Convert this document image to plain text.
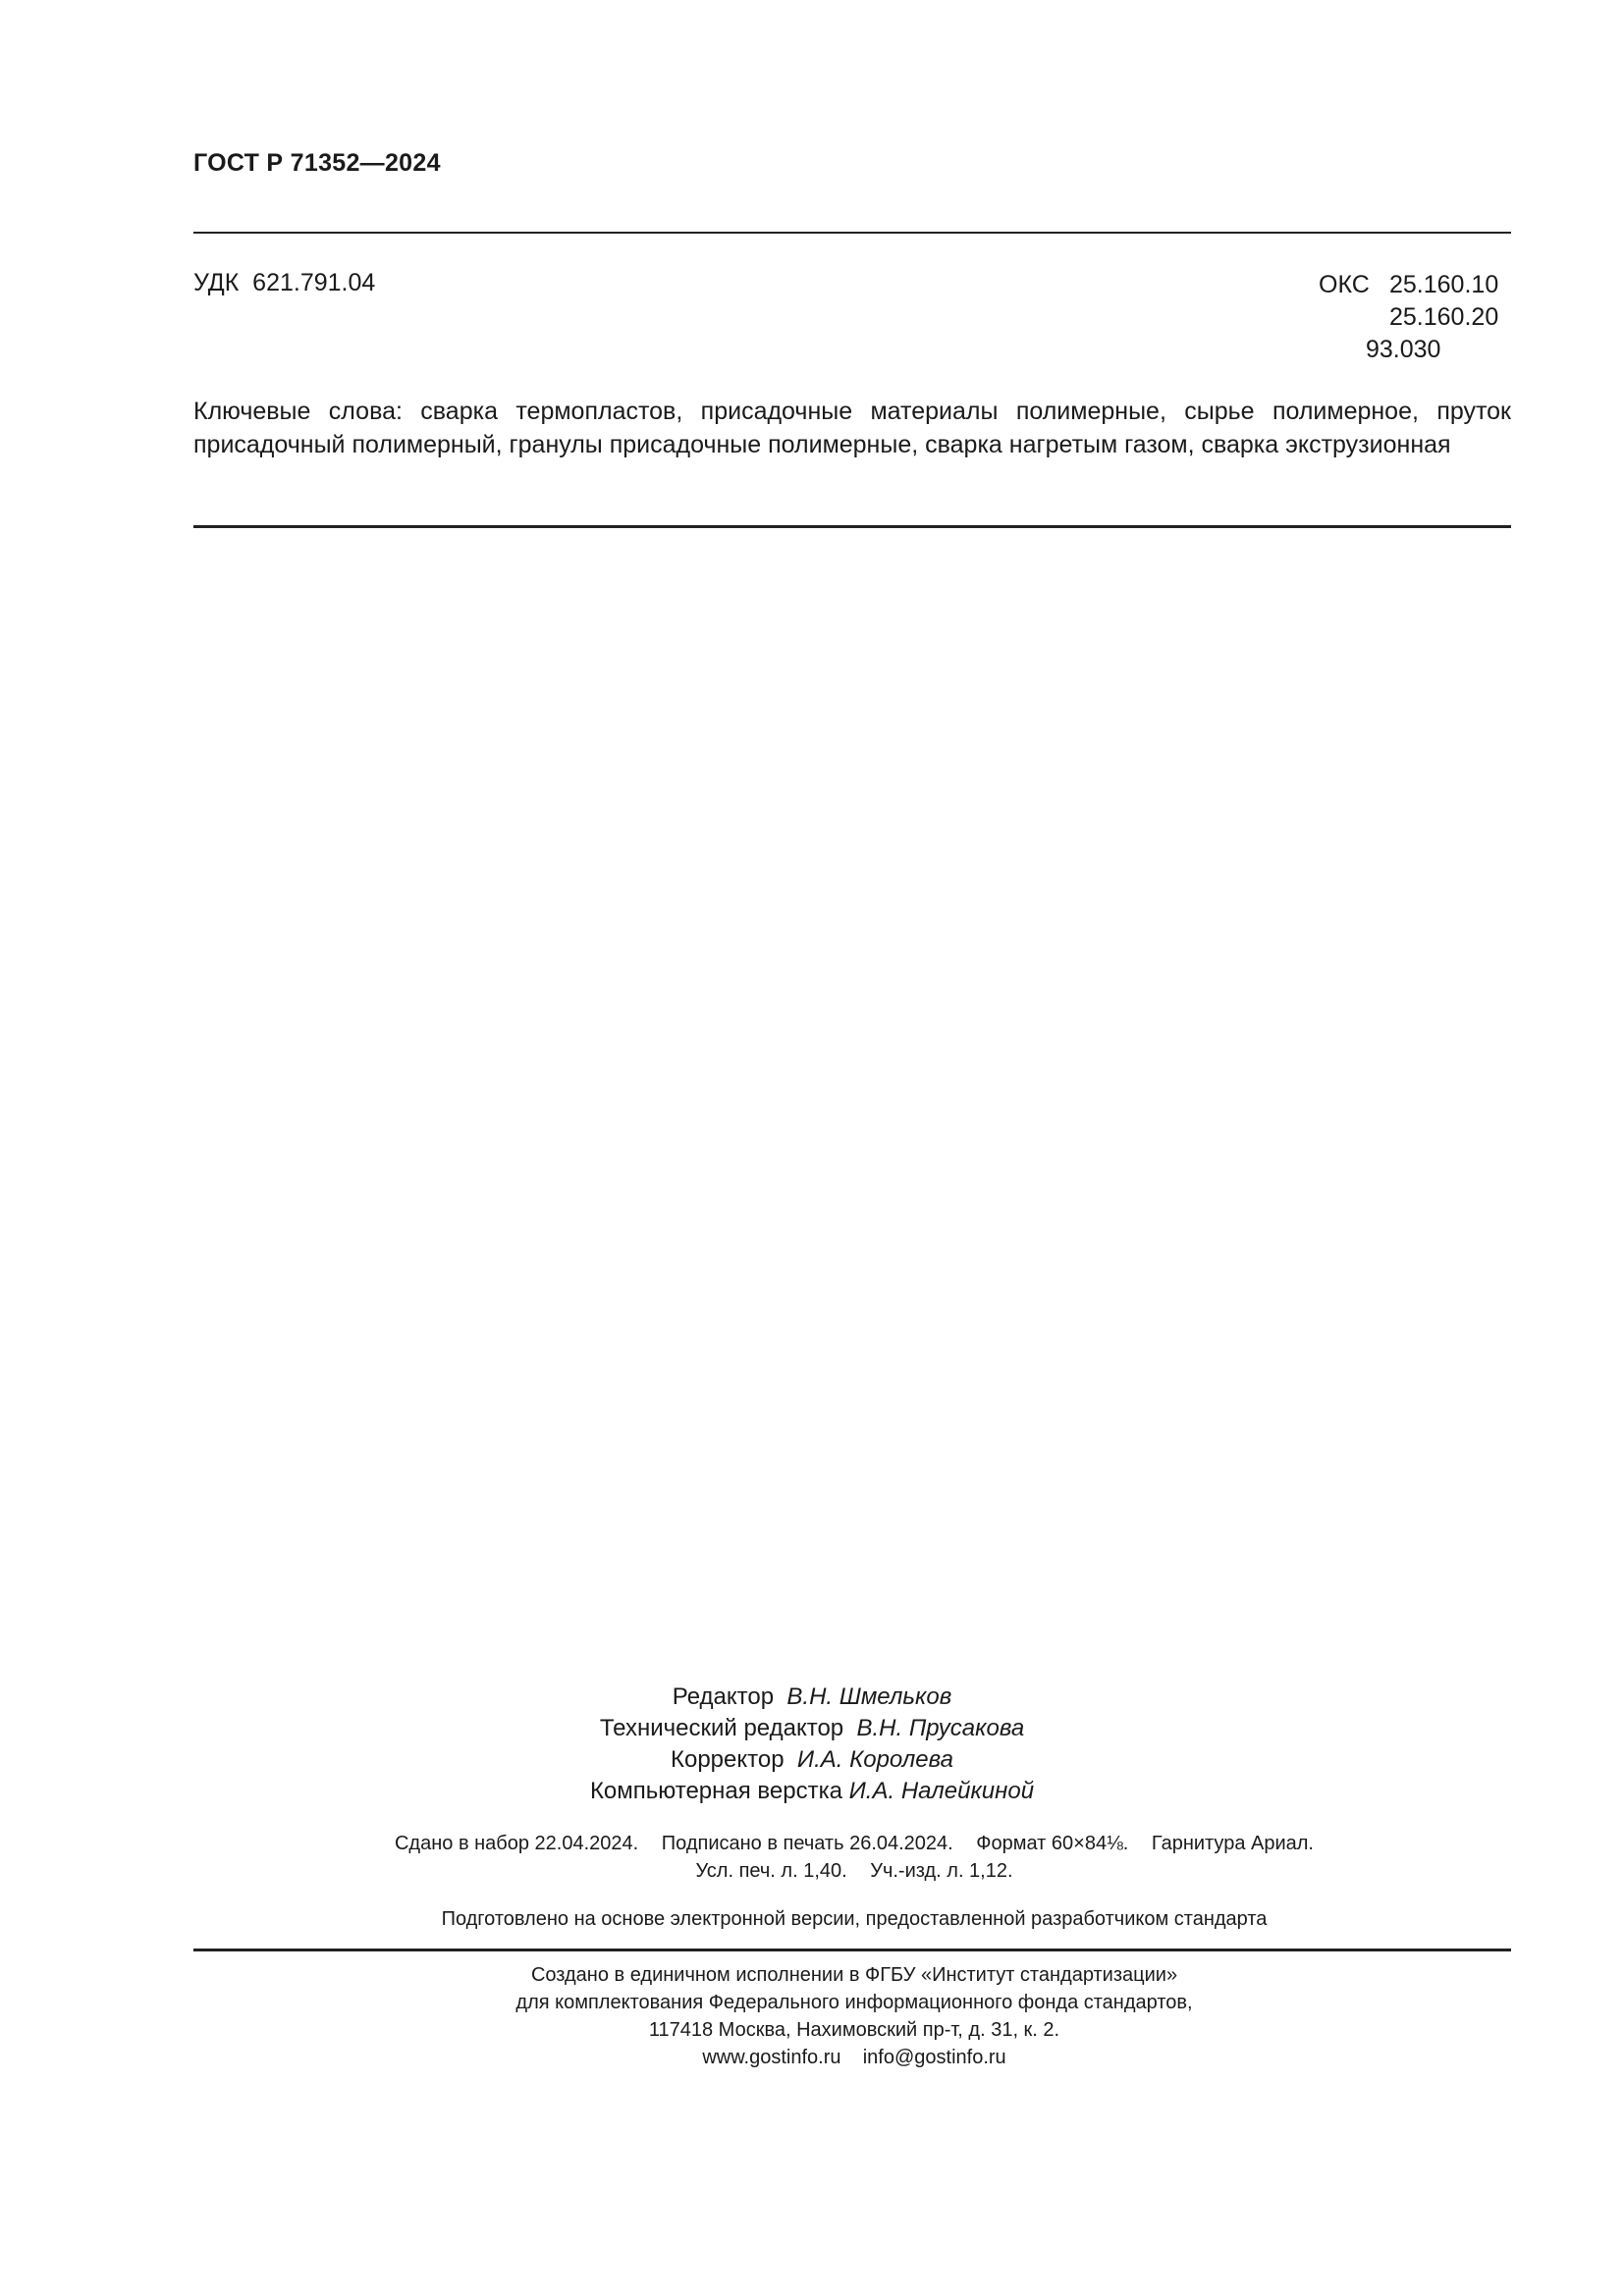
ГОСТ Р 71352—2024
УДК 621.791.04	ОКС 25.160.10
25.160.20
93.030
Ключевые слова: сварка термопластов, присадочные материалы полимерные, сырье полимерное, пруток присадочный полимерный, гранулы присадочные полимерные, сварка нагретым газом, сварка экструзионная
Редактор В.Н. Шмельков
Технический редактор В.Н. Прусакова
Корректор И.А. Королева
Компьютерная верстка И.А. Налейкиной
Сдано в набор 22.04.2024. Подписано в печать 26.04.2024. Формат 60×84⅛. Гарнитура Ариал.
Усл. печ. л. 1,40. Уч.-изд. л. 1,12.
Подготовлено на основе электронной версии, предоставленной разработчиком стандарта
Создано в единичном исполнении в ФГБУ «Институт стандартизации»
для комплектования Федерального информационного фонда стандартов,
117418 Москва, Нахимовский пр-т, д. 31, к. 2.
www.gostinfo.ru info@gostinfo.ru
